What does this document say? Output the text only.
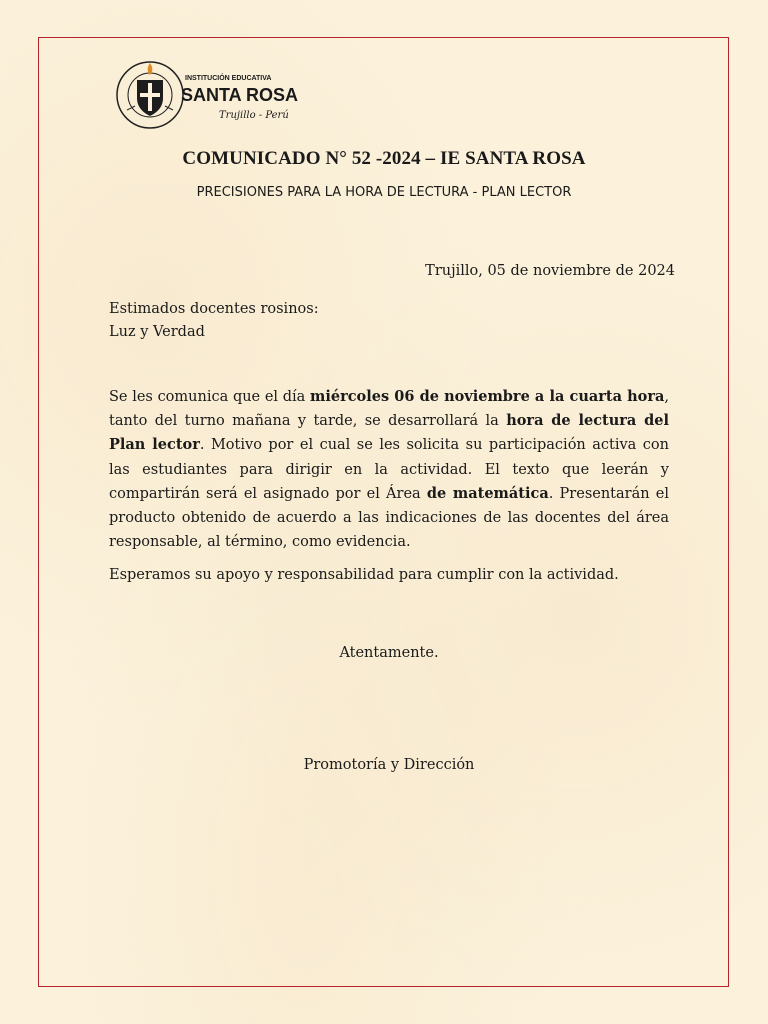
INSTITUCIÓN EDUCATIVA
SANTA ROSA
Trujillo - Perú
COMUNICADO N° 52 -2024 – IE SANTA ROSA
PRECISIONES PARA LA HORA DE LECTURA - PLAN LECTOR
Trujillo, 05 de noviembre de 2024
Estimados docentes rosinos:
Luz y Verdad
Se les comunica que el día miércoles 06 de noviembre a la cuarta hora, tanto del turno mañana y tarde, se desarrollará la hora de lectura del Plan lector. Motivo por el cual se les solicita su participación activa con las estudiantes para dirigir en la actividad. El texto que leerán y compartirán será el asignado por el Área de matemática. Presentarán el producto obtenido de acuerdo a las indicaciones de las docentes del área responsable, al término, como evidencia.
Esperamos su apoyo y responsabilidad para cumplir con la actividad.
Atentamente.
Promotoría y Dirección
